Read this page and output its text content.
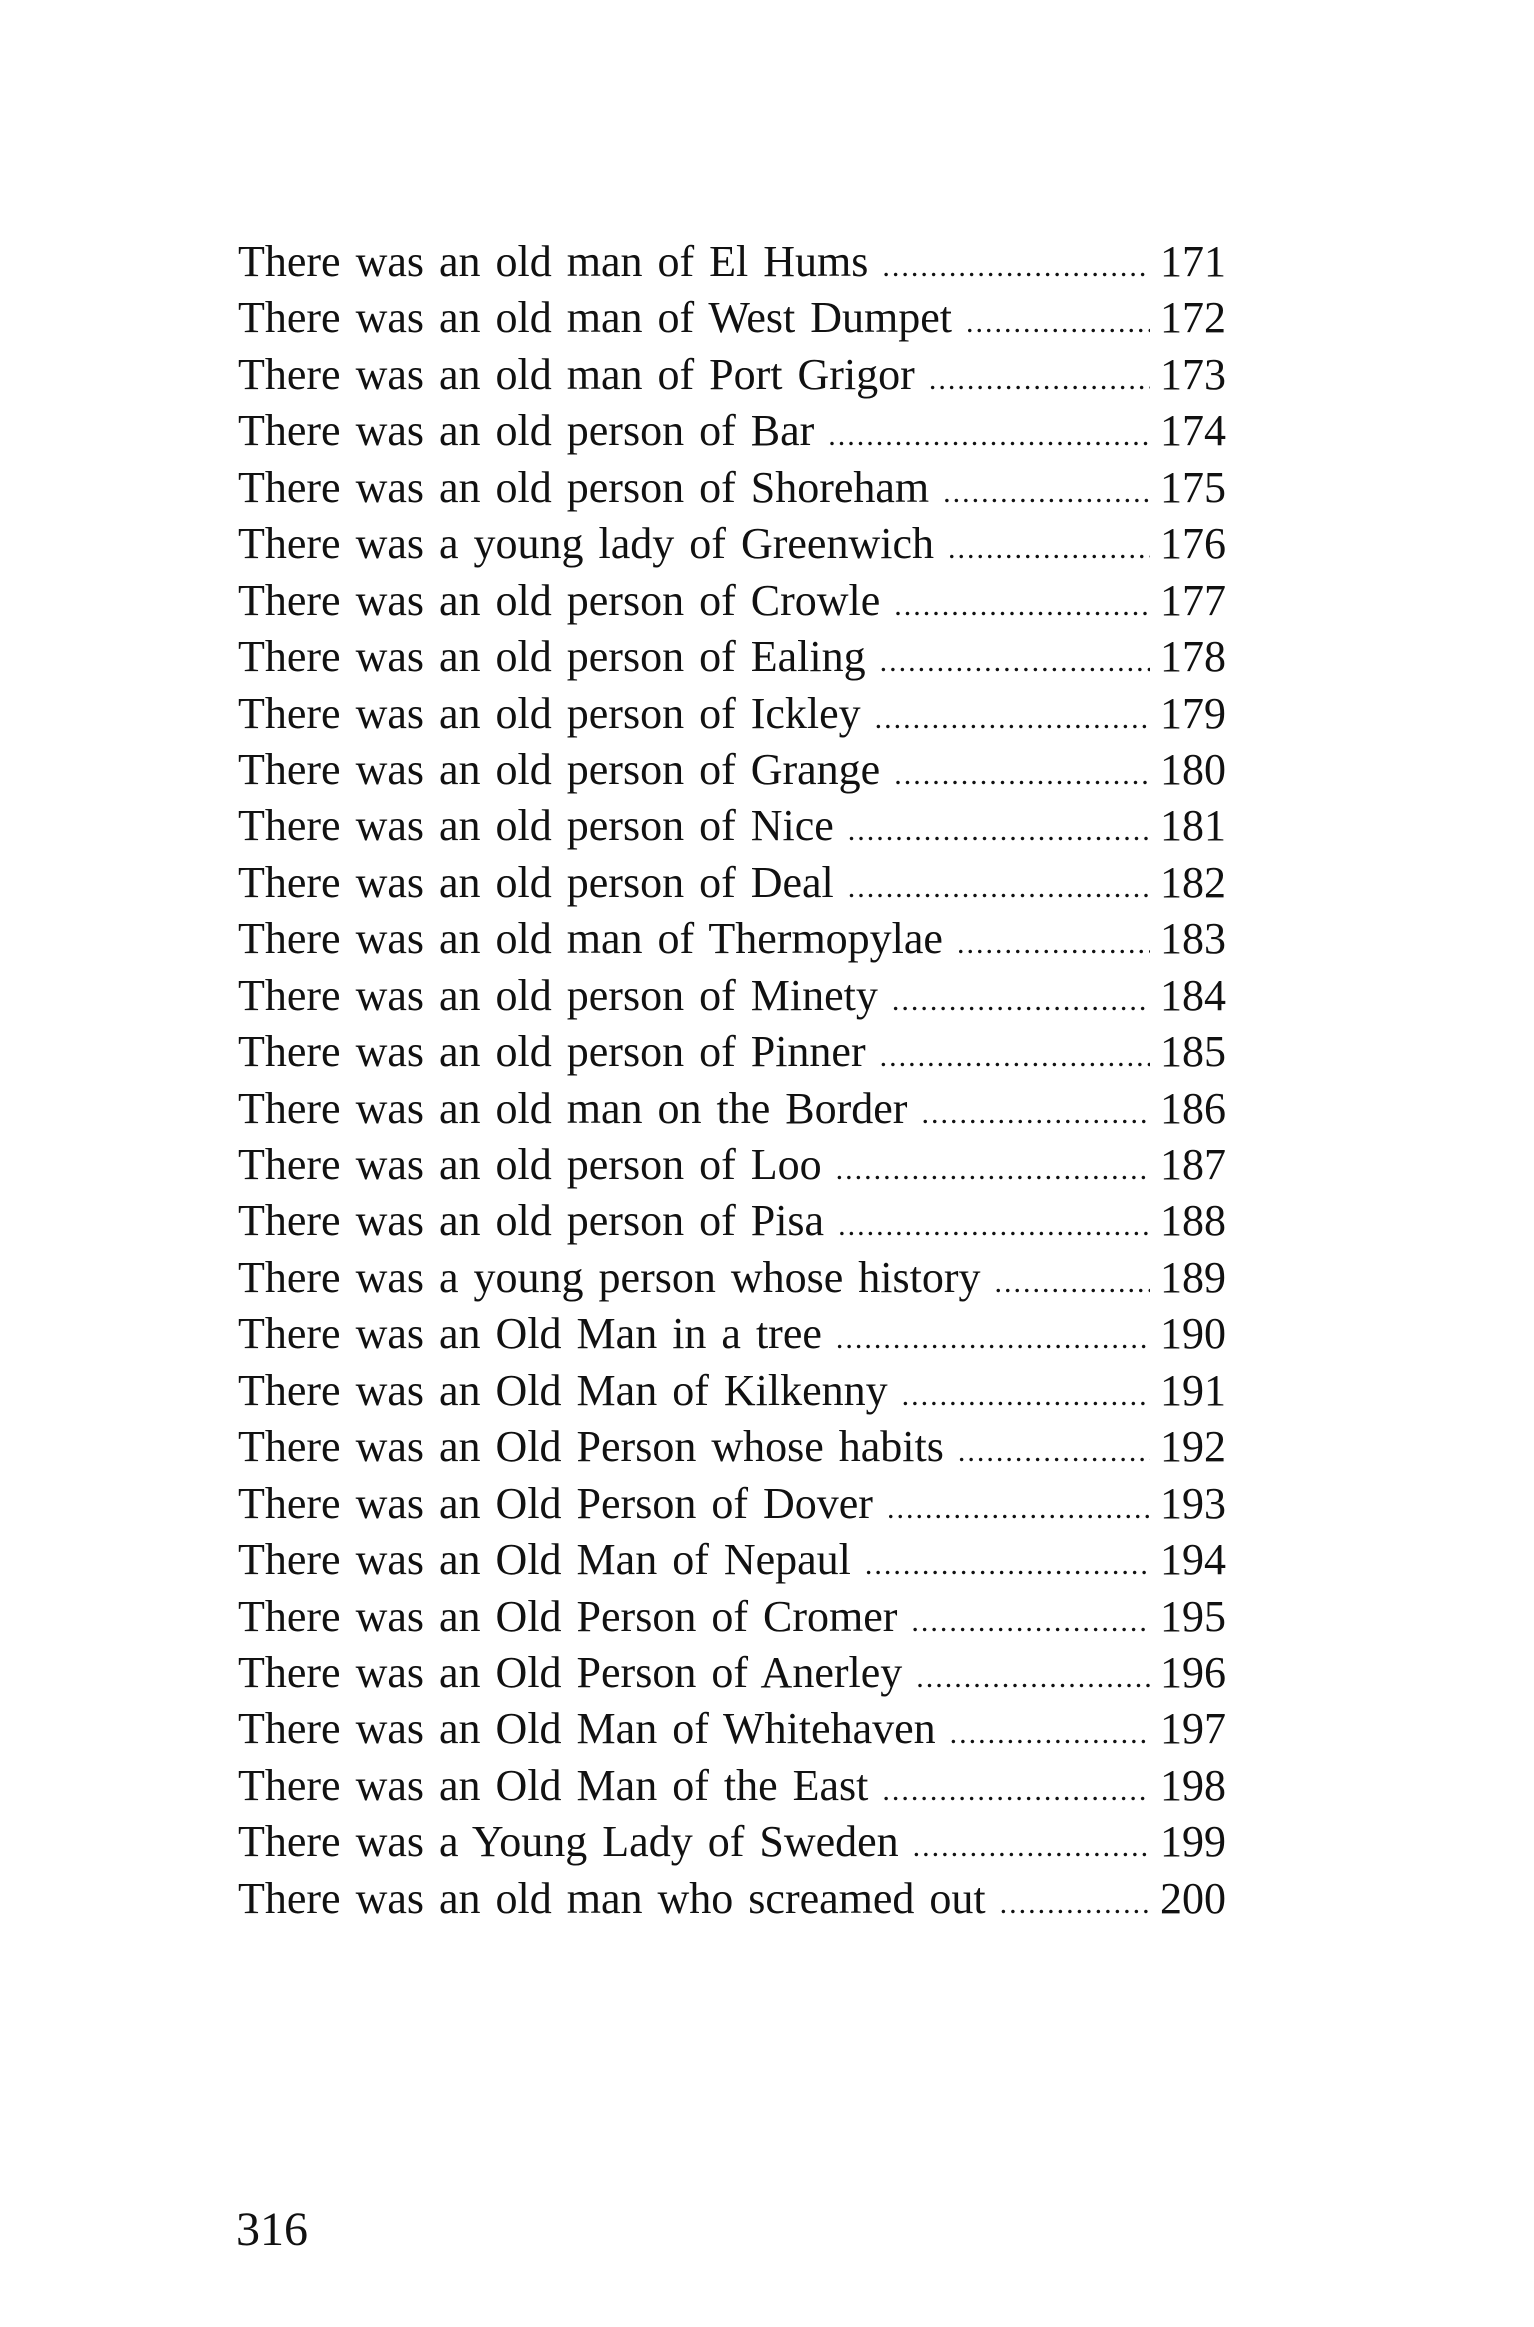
There was an old man of El Hums .....	171
There was an old man of West Dumpet .....	172
There was an old man of Port Grigor .....	173
There was an old person of Bar .....	174
There was an old person of Shoreham .....	175
There was a young lady of Greenwich .....	176
There was an old person of Crowle .....	177
There was an old person of Ealing .....	178
There was an old person of Ickley .....	179
There was an old person of Grange .....	180
There was an old person of Nice .....	181
There was an old person of Deal .....	182
There was an old man of Thermopylae .....	183
There was an old person of Minety .....	184
There was an old person of Pinner .....	185
There was an old man on the Border .....	186
There was an old person of Loo .....	187
There was an old person of Pisa .....	188
There was a young person whose history .....	189
There was an Old Man in a tree .....	190
There was an Old Man of Kilkenny .....	191
There was an Old Person whose habits .....	192
There was an Old Person of Dover .....	193
There was an Old Man of Nepaul .....	194
There was an Old Person of Cromer .....	195
There was an Old Person of Anerley .....	196
There was an Old Man of Whitehaven .....	197
There was an Old Man of the East .....	198
There was a Young Lady of Sweden .....	199
There was an old man who screamed out .....	200
316
